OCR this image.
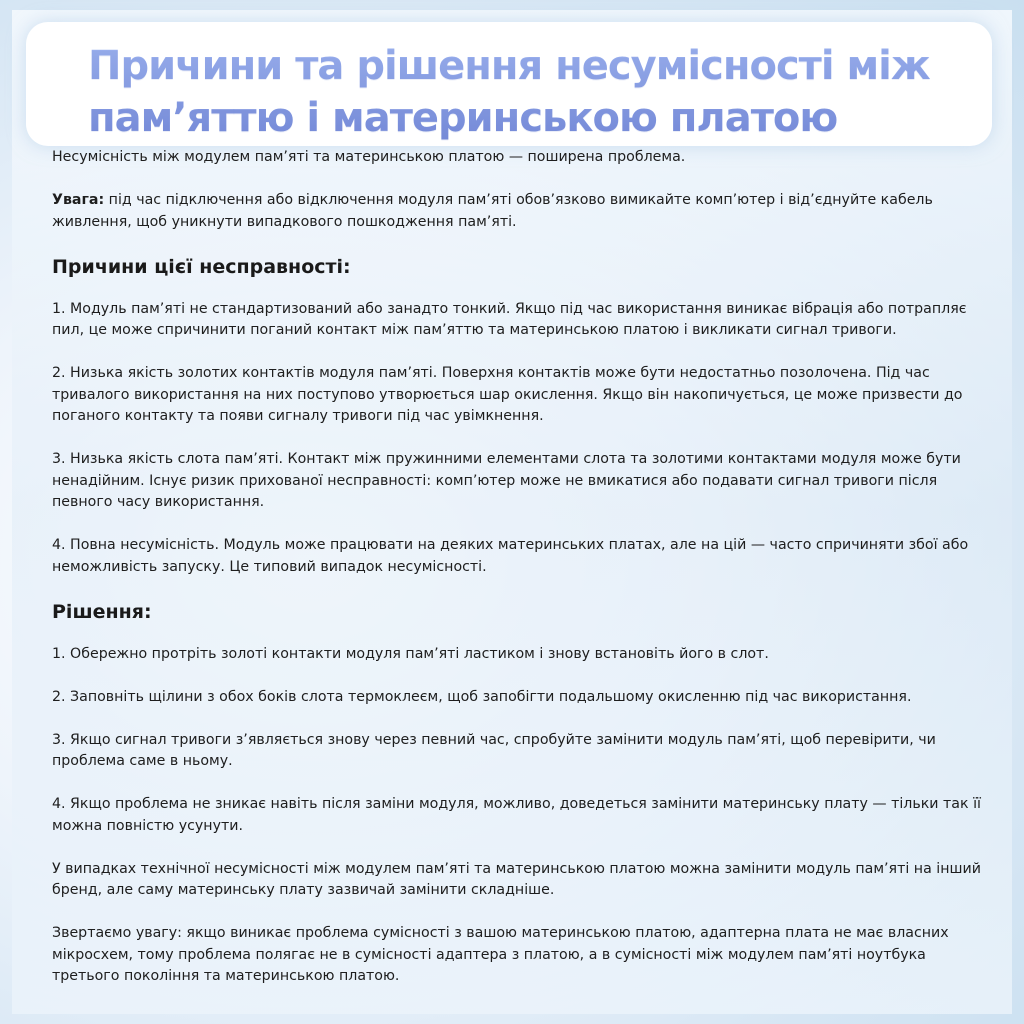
Причини та рішення несумісності між пам’яттю і материнською платою

Несумісність між модулем пам’яті та материнською платою — поширена проблема.

Увага: під час підключення або відключення модуля пам’яті обов’язково вимикайте комп’ютер і від’єднуйте кабель живлення, щоб уникнути випадкового пошкодження пам’яті.

Причини цієї несправності:

1. Модуль пам’яті не стандартизований або занадто тонкий. Якщо під час використання виникає вібрація або потрапляє пил, це може спричинити поганий контакт між пам’яттю та материнською платою і викликати сигнал тривоги.

2. Низька якість золотих контактів модуля пам’яті. Поверхня контактів може бути недостатньо позолочена. Під час тривалого використання на них поступово утворюється шар окислення. Якщо він накопичується, це може призвести до поганого контакту та появи сигналу тривоги під час увімкнення.

3. Низька якість слота пам’яті. Контакт між пружинними елементами слота та золотими контактами модуля може бути ненадійним. Існує ризик прихованої несправності: комп’ютер може не вмикатися або подавати сигнал тривоги після певного часу використання.

4. Повна несумісність. Модуль може працювати на деяких материнських платах, але на цій — часто спричиняти збої або неможливість запуску. Це типовий випадок несумісності.

Рішення:

1. Обережно протріть золоті контакти модуля пам’яті ластиком і знову встановіть його в слот.

2. Заповніть щілини з обох боків слота термоклеєм, щоб запобігти подальшому окисленню під час використання.

3. Якщо сигнал тривоги з’являється знову через певний час, спробуйте замінити модуль пам’яті, щоб перевірити, чи проблема саме в ньому.

4. Якщо проблема не зникає навіть після заміни модуля, можливо, доведеться замінити материнську плату — тільки так її можна повністю усунути.

У випадках технічної несумісності між модулем пам’яті та материнською платою можна замінити модуль пам’яті на інший бренд, але саму материнську плату зазвичай замінити складніше.

Звертаємо увагу: якщо виникає проблема сумісності з вашою материнською платою, адаптерна плата не має власних мікросхем, тому проблема полягає не в сумісності адаптера з платою, а в сумісності між модулем пам’яті ноутбука третього покоління та материнською платою.
